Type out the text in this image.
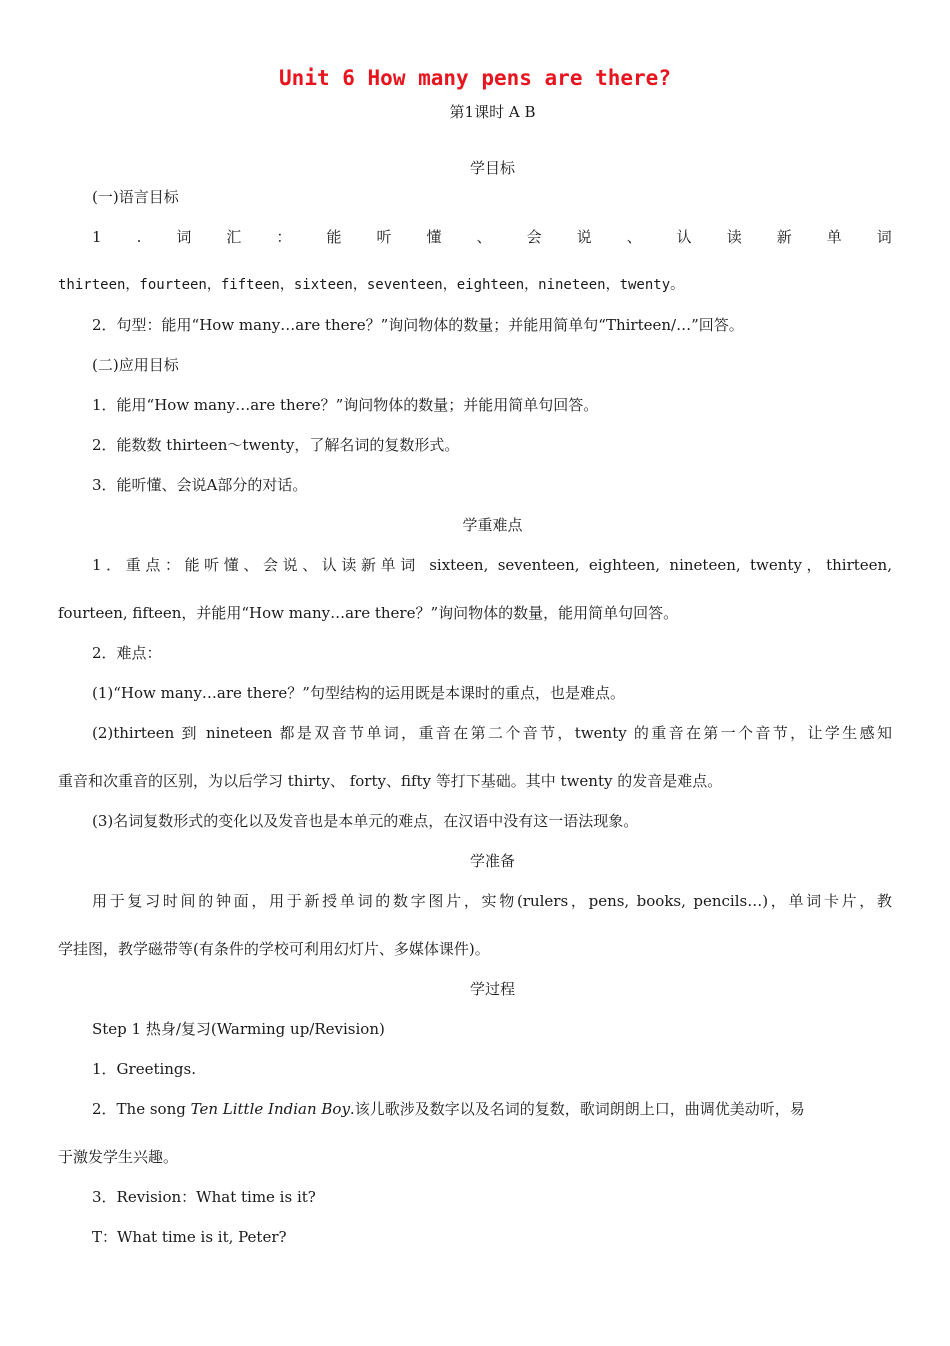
Unit 6 How many pens are there?
第1课时 A B
学目标
(一)语言目标
1 . 词 汇 ： 能 听 懂 、 会 说 、 认 读 新 单 词
thirteen，fourteen，fifteen，sixteen，seventeen，eighteen，nineteen，twenty。
2．句型：能用“How many…are there？”询问物体的数量；并能用简单句“Thirteen/…”回答。
(二)应用目标
1．能用“How many…are there？”询问物体的数量；并能用简单句回答。
2．能数数 thirteen～twenty，了解名词的复数形式。
3．能听懂、会说A部分的对话。
学重难点
1．重点：能听懂、会说、认读新单词 sixteen, seventeen, eighteen, nineteen, twenty，thirteen,
fourteen, fifteen，并能用“How many…are there？”询问物体的数量，能用简单句回答。
2．难点：
(1)“How many…are there？”句型结构的运用既是本课时的重点，也是难点。
(2)thirteen 到 nineteen 都是双音节单词，重音在第二个音节，twenty 的重音在第一个音节，让学生感知
重音和次重音的区别，为以后学习 thirty、 forty、fifty 等打下基础。其中 twenty 的发音是难点。
(3)名词复数形式的变化以及发音也是本单元的难点，在汉语中没有这一语法现象。
学准备
用于复习时间的钟面，用于新授单词的数字图片，实物(rulers，pens, books, pencils…)，单词卡片，教
学挂图，教学磁带等(有条件的学校可利用幻灯片、多媒体课件)。
学过程
Step 1 热身/复习(Warming up/Revision)
1．Greetings.
2．The song Ten Little Indian Boy.该儿歌涉及数字以及名词的复数，歌词朗朗上口，曲调优美动听，易
于激发学生兴趣。
3．Revision：What time is it?
T：What time is it, Peter?
